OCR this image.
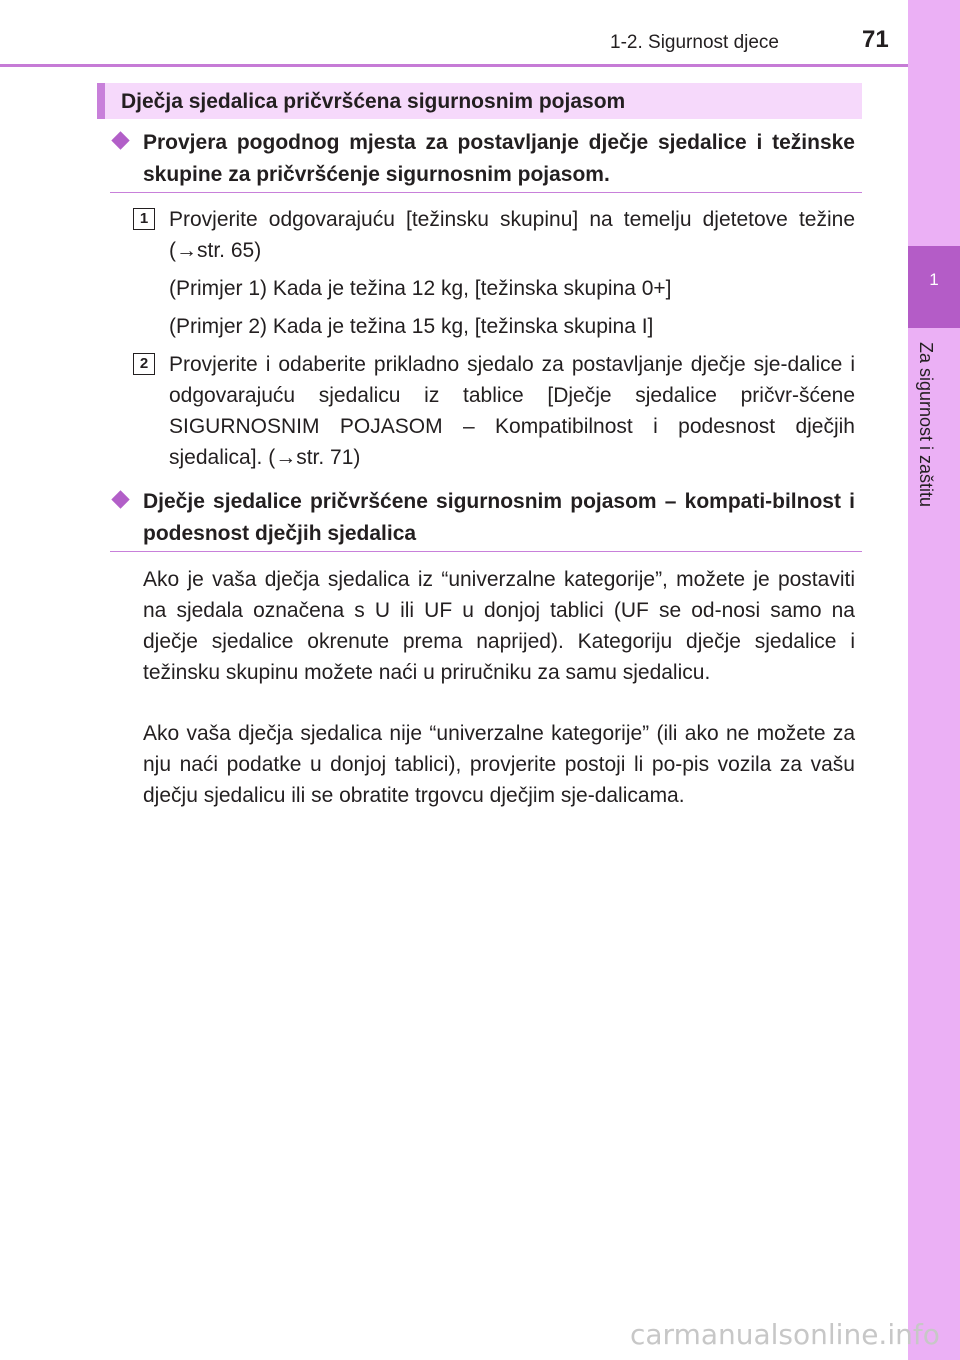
1-2. Sigurnost djece	71
1
Za sigurnost i zaštitu
Dječja sjedalica pričvršćena sigurnosnim pojasom
Provjera pogodnog mjesta za postavljanje dječje sjedalice i težinske skupine za pričvršćenje sigurnosnim pojasom.
1 Provjerite odgovarajuću [težinsku skupinu] na temelju djetetove težine (→str. 65)
(Primjer 1) Kada je težina 12 kg, [težinska skupina 0+]
(Primjer 2) Kada je težina 15 kg, [težinska skupina I]
2 Provjerite i odaberite prikladno sjedalo za postavljanje dječje sje-dalice i odgovarajuću sjedalicu iz tablice [Dječje sjedalice pričvr-šćene SIGURNOSNIM POJASOM – Kompatibilnost i podesnost dječjih sjedalica]. (→str. 71)
Dječje sjedalice pričvršćene sigurnosnim pojasom – kompati-bilnost i podesnost dječjih sjedalica
Ako je vaša dječja sjedalica iz “univerzalne kategorije”, možete je postaviti na sjedala označena s U ili UF u donjoj tablici (UF se od-nosi samo na dječje sjedalice okrenute prema naprijed). Kategoriju dječje sjedalice i težinsku skupinu možete naći u priručniku za samu sjedalicu.
Ako vaša dječja sjedalica nije “univerzalne kategorije” (ili ako ne možete za nju naći podatke u donjoj tablici), provjerite postoji li po-pis vozila za vašu dječju sjedalicu ili se obratite trgovcu dječjim sje-dalicama.
carmanualsonline.info
